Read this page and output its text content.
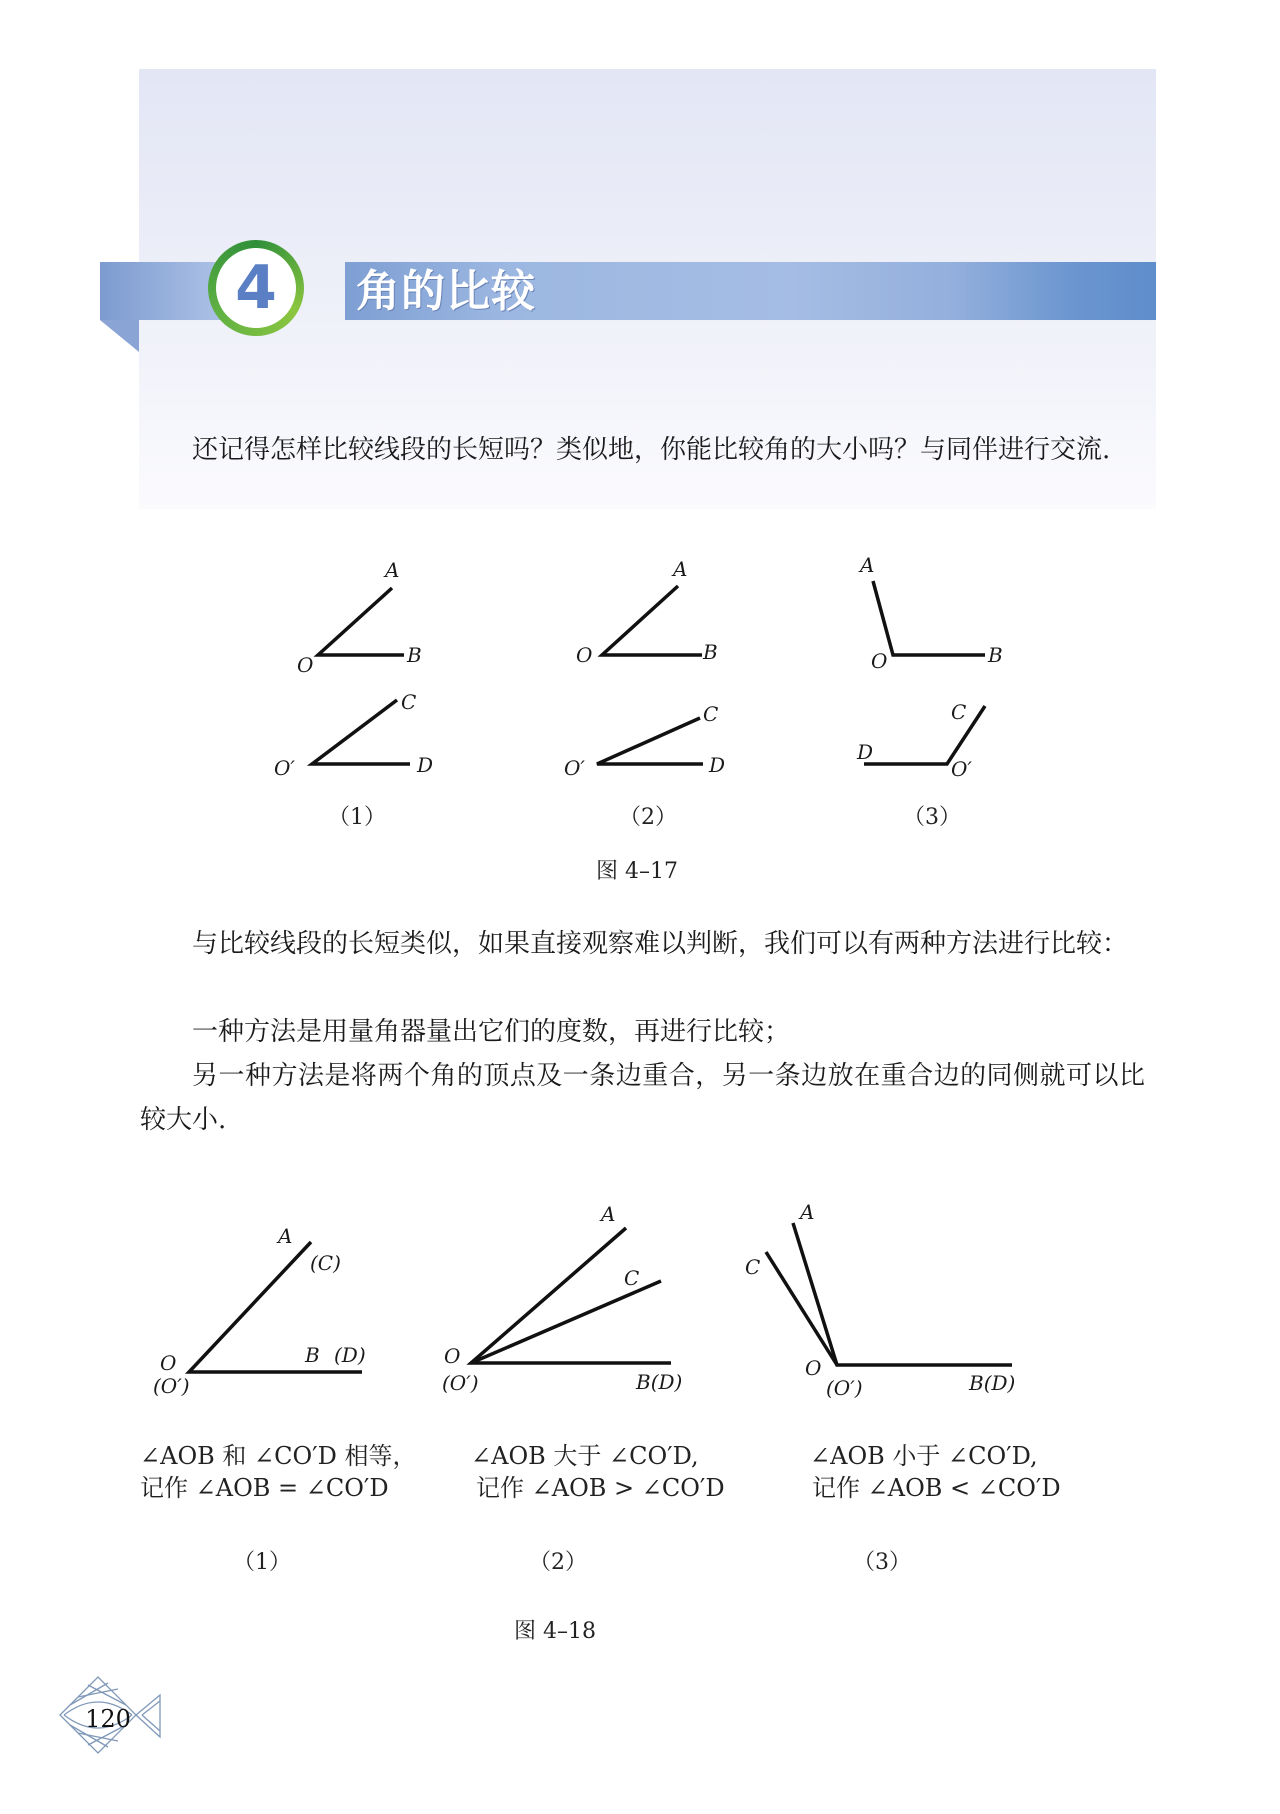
角的比较
4
还记得怎样比较线段的长短吗？类似地，你能比较角的大小吗？与同伴进行交流.
A
O	B
C
O′	D
A
O	B
C
O′	D
A
O	B
C
D
O′
（1）	（2）	（3）
图 4–17
与比较线段的长短类似，如果直接观察难以判断，我们可以有两种方法进行比较：
一种方法是用量角器量出它们的度数，再进行比较；
另一种方法是将两个角的顶点及一条边重合，另一条边放在重合边的同侧就可以比较大小.
A
(C)
O
(O′)
B (D)
A
C
O
(O′)	B(D)
A
C
O
(O′)	B(D)
∠AOB 和 ∠CO′D 相等，
记作 ∠AOB = ∠CO′D
∠AOB 大于 ∠CO′D,
记作 ∠AOB > ∠CO′D
∠AOB 小于 ∠CO′D,
记作 ∠AOB < ∠CO′D
（1）	（2）	（3）
图 4–18
120
